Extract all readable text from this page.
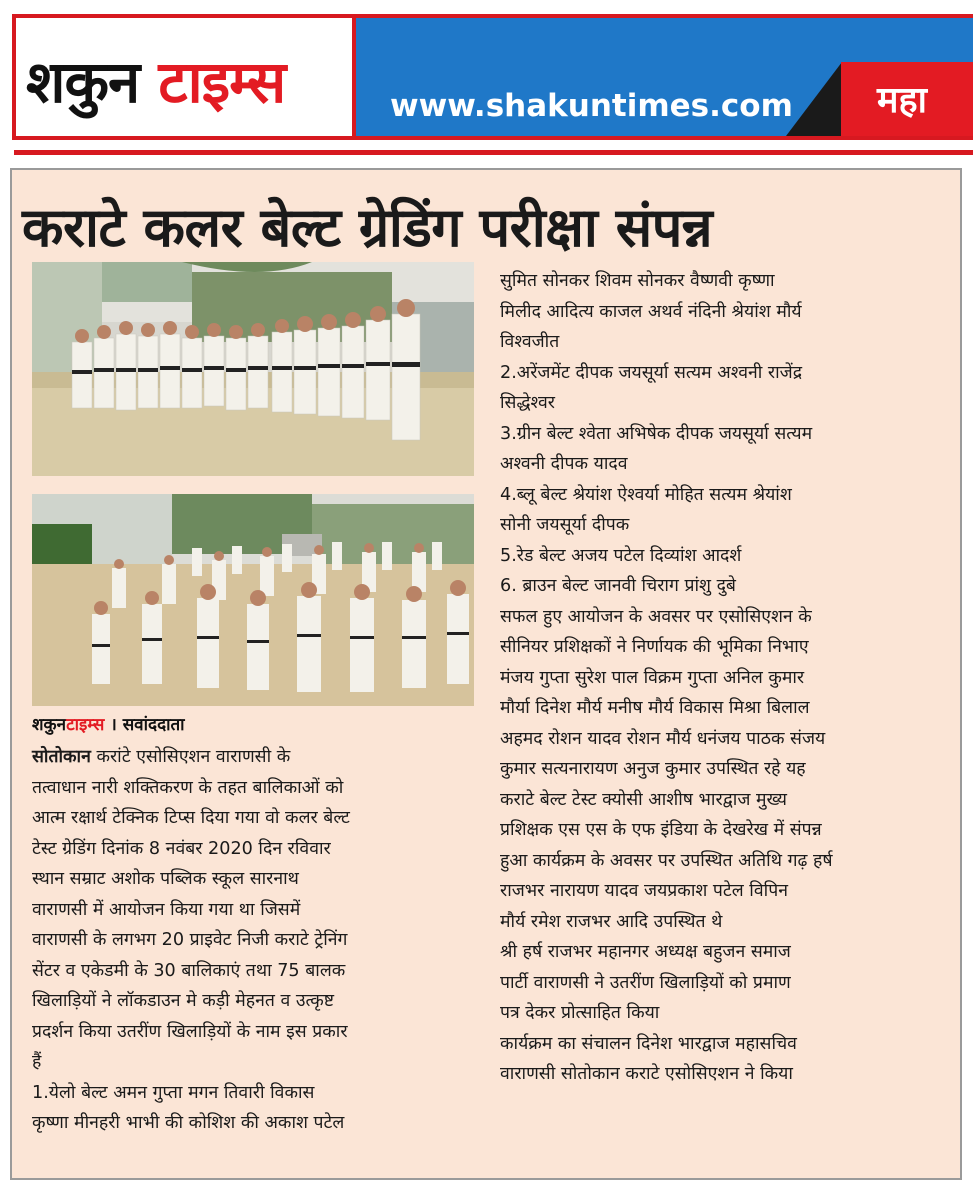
शकुन टाइम्स	www.shakuntimes.com महा
कराटे कलर बेल्ट ग्रेडिंग परीक्षा संपन्न
शकुनटाइम्स । सवांददाता

सोतोकान करांटे एसोसिएशन वाराणसी के

तत्वाधान नारी शक्तिकरण के तहत बालिकाओं को

आत्म रक्षार्थ टेक्निक टिप्स दिया गया वो कलर बेल्ट

टेस्ट ग्रेडिंग दिनांक 8 नवंबर 2020 दिन रविवार

स्थान सम्राट अशोक पब्लिक स्कूल सारनाथ

वाराणसी में आयोजन किया गया था जिसमें

वाराणसी के लगभग 20 प्राइवेट निजी कराटे ट्रेनिंग

सेंटर व एकेडमी के 30 बालिकाएं तथा 75 बालक

खिलाड़ियों ने लॉकडाउन मे कड़ी मेहनत व उत्कृष्ट

प्रदर्शन किया उतरींण खिलाड़ियों के नाम इस प्रकार

हैं

1.येलो बेल्ट अमन गुप्ता मगन तिवारी विकास

कृष्णा मीनहरी भाभी की कोशिश की अकाश पटेल

सुमित सोनकर शिवम सोनकर वैष्णवी कृष्णा

मिलीद आदित्य काजल अथर्व नंदिनी श्रेयांश मौर्य

विश्वजीत

2.अरेंजमेंट दीपक जयसूर्या सत्यम अश्वनी राजेंद्र

सिद्धेश्वर

3.ग्रीन बेल्ट श्वेता अभिषेक दीपक जयसूर्या सत्यम

अश्वनी दीपक यादव

4.ब्लू बेल्ट श्रेयांश ऐश्वर्या मोहित सत्यम श्रेयांश

सोनी जयसूर्या दीपक

5.रेड बेल्ट अजय पटेल दिव्यांश आदर्श

6. ब्राउन बेल्ट जानवी चिराग प्रांशु दुबे

सफल हुए आयोजन के अवसर पर एसोसिएशन के

सीनियर प्रशिक्षकों ने निर्णायक की भूमिका निभाए

मंजय गुप्ता सुरेश पाल विक्रम गुप्ता अनिल कुमार

मौर्या दिनेश मौर्य मनीष मौर्य विकास मिश्रा बिलाल

अहमद रोशन यादव रोशन मौर्य धनंजय पाठक संजय

कुमार सत्यनारायण अनुज कुमार उपस्थित रहे यह

कराटे बेल्ट टेस्ट क्योसी आशीष भारद्वाज मुख्य

प्रशिक्षक एस एस के एफ इंडिया के देखरेख में संपन्न

हुआ कार्यक्रम के अवसर पर उपस्थित अतिथि गढ़ हर्ष

राजभर नारायण यादव जयप्रकाश पटेल विपिन

मौर्य रमेश राजभर आदि उपस्थित थे

श्री हर्ष राजभर महानगर अध्यक्ष बहुजन समाज

पार्टी वाराणसी ने उतरींण खिलाड़ियों को प्रमाण

पत्र देकर प्रोत्साहित किया

कार्यक्रम का संचालन दिनेश भारद्वाज महासचिव

वाराणसी सोतोकान कराटे एसोसिएशन ने किया
